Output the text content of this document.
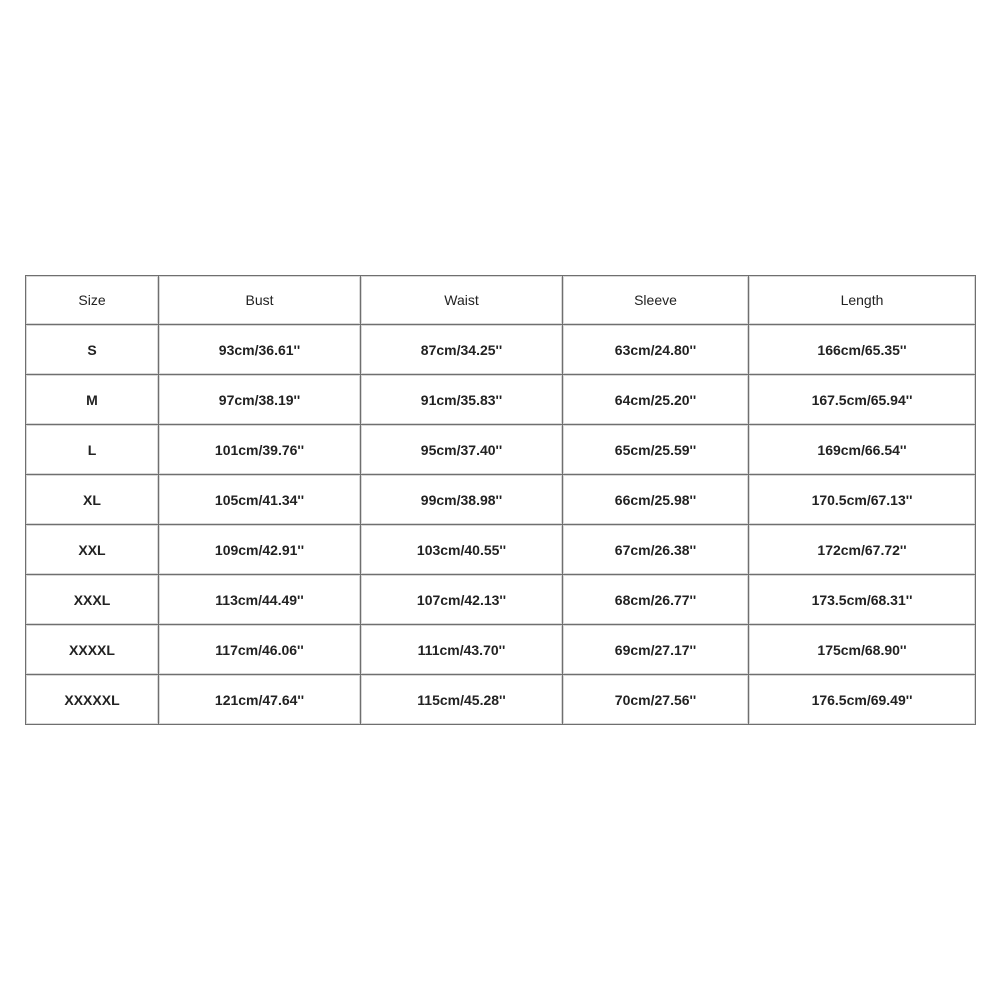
Size	Bust	Waist	Sleeve	Length
S	93cm/36.61''	87cm/34.25''	63cm/24.80''	166cm/65.35''
M	97cm/38.19''	91cm/35.83''	64cm/25.20''	167.5cm/65.94''
L	101cm/39.76''	95cm/37.40''	65cm/25.59''	169cm/66.54''
XL	105cm/41.34''	99cm/38.98''	66cm/25.98''	170.5cm/67.13''
XXL	109cm/42.91''	103cm/40.55''	67cm/26.38''	172cm/67.72''
XXXL	113cm/44.49''	107cm/42.13''	68cm/26.77''	173.5cm/68.31''
XXXXL	117cm/46.06''	111cm/43.70''	69cm/27.17''	175cm/68.90''
XXXXXL	121cm/47.64''	115cm/45.28''	70cm/27.56''	176.5cm/69.49''
